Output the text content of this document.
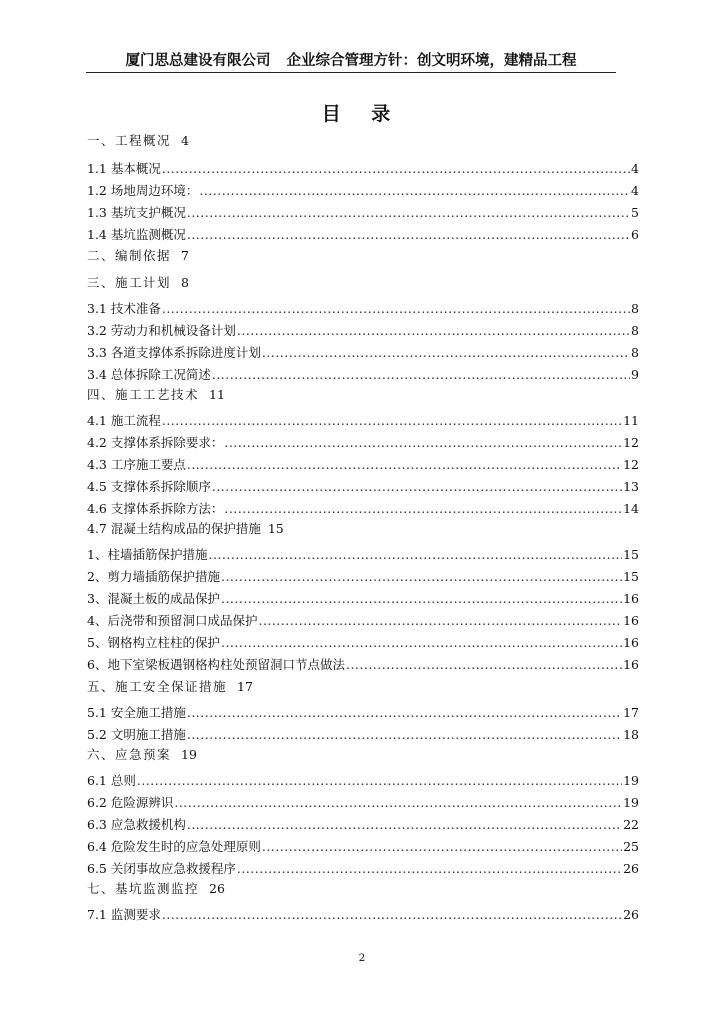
厦门思总建设有限公司 企业综合管理方针：创文明环境，建精品工程
目 录
一、工程概况 4
1.1 基本概况 .....	4
1.2 场地周边环境： .....	4
1.3 基坑支护概况 .....	5
1.4 基坑监测概况 .....	6
二、编制依据 7
三、施工计划 8
3.1 技术准备 .....	8
3.2 劳动力和机械设备计划 .....	8
3.3 各道支撑体系拆除进度计划 .....	8
3.4 总体拆除工况简述 .....	9
四、施工工艺技术 11
4.1 施工流程 .....	11
4.2 支撑体系拆除要求： .....	12
4.3 工序施工要点 .....	12
4.5 支撑体系拆除顺序 .....	13
4.6 支撑体系拆除方法： .....	14
4.7 混凝土结构成品的保护措施 15
1、柱墙插筋保护措施 .....	15
2、剪力墙插筋保护措施 .....	15
3、混凝土板的成品保护 .....	16
4、后浇带和预留洞口成品保护 .....	16
5、钢格构立柱柱的保护 .....	16
6、地下室梁板遇钢格构柱处预留洞口节点做法 .....	16
五、施工安全保证措施 17
5.1 安全施工措施 .....	17
5.2 文明施工措施 .....	18
六、应急预案 19
6.1 总则 .....	19
6.2 危险源辨识 .....	19
6.3 应急救援机构 .....	22
6.4 危险发生时的应急处理原则 .....	25
6.5 关闭事故应急救援程序 .....	26
七、基坑监测监控 26
7.1 监测要求 .....	26
2
